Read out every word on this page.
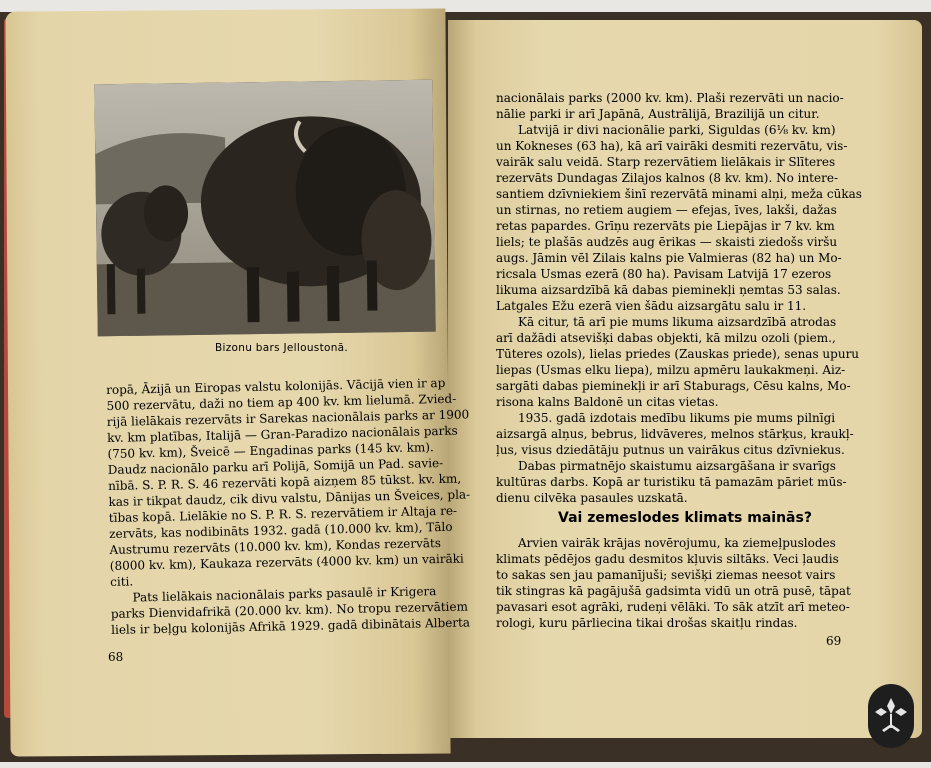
Bizonu bars Jelloustonā.
ropā, Āzijā un Eiropas valstu kolonijās. Vācijā vien ir ap
500 rezervātu, daži no tiem ap 400 kv. km lielumā. Zvied-
rijā lielākais rezervāts ir Sarekas nacionālais parks ar 1900
kv. km platības, Italijā — Gran-Paradizo nacionālais parks
(750 kv. km), Šveicē — Engadinas parks (145 kv. km).
Daudz nacionālo parku arī Polijā, Somijā un Pad. savie-
nībā. S. P. R. S. 46 rezervāti kopā aizņem 85 tūkst. kv. km,
kas ir tikpat daudz, cik divu valstu, Dānijas un Šveices, pla-
tības kopā. Lielākie no S. P. R. S. rezervātiem ir Altaja re-
zervāts, kas nodibināts 1932. gadā (10.000 kv. km), Tālo
Austrumu rezervāts (10.000 kv. km), Kondas rezervāts
(8000 kv. km), Kaukaza rezervāts (4000 kv. km) un vairāki
citi.
Pats lielākais nacionālais parks pasaulē ir Krigera
parks Dienvidafrikā (20.000 kv. km). No tropu rezervātiem
liels ir beļgu kolonijās Afrikā 1929. gadā dibinātais Alberta
68
nacionālais parks (2000 kv. km). Plaši rezervāti un nacio-
nālie parki ir arī Japānā, Austrālijā, Brazilijā un citur.
Latvijā ir divi nacionālie parki, Siguldas (6⅛ kv. km)
un Kokneses (63 ha), kā arī vairāki desmiti rezervātu, vis-
vairāk salu veidā. Starp rezervātiem lielākais ir Slīteres
rezervāts Dundagas Zilajos kalnos (8 kv. km). No intere-
santiem dzīvniekiem šinī rezervātā minami alņi, meža cūkas
un stirnas, no retiem augiem — efejas, īves, lakši, dažas
retas papardes. Grīņu rezervāts pie Liepājas ir 7 kv. km
liels; te plašās audzēs aug ērikas — skaisti ziedošs viršu
augs. Jāmin vēl Zilais kalns pie Valmieras (82 ha) un Mo-
ricsala Usmas ezerā (80 ha). Pavisam Latvijā 17 ezeros
likuma aizsardzībā kā dabas pieminekļi ņemtas 53 salas.
Latgales Ežu ezerā vien šādu aizsargātu salu ir 11.
Kā citur, tā arī pie mums likuma aizsardzībā atrodas
arī dažādi atsevišķi dabas objekti, kā milzu ozoli (piem.,
Tūteres ozols), lielas priedes (Zauskas priede), senas upuru
liepas (Usmas elku liepa), milzu apmēru laukakmeņi. Aiz-
sargāti dabas pieminekļi ir arī Staburags, Cēsu kalns, Mo-
risona kalns Baldonē un citas vietas.
1935. gadā izdotais medību likums pie mums pilnīgi
aizsargā alņus, bebrus, lidvāveres, melnos stārķus, kraukļ-
ļus, visus dziedātāju putnus un vairākus citus dzīvniekus.
Dabas pirmatnējo skaistumu aizsargāšana ir svarīgs
kultūras darbs. Kopā ar turistiku tā pamazām pāriet mūs-
dienu cilvēka pasaules uzskatā.
Vai zemeslodes klimats mainās?
Arvien vairāk krājas novērojumu, ka ziemeļpuslodes
klimats pēdējos gadu desmitos kļuvis siltāks. Veci ļaudis
to sakas sen jau pamanījuši; sevišķi ziemas neesot vairs
tik stingras kā pagājušā gadsimta vidū un otrā pusē, tāpat
pavasari esot agrāki, rudeņi vēlāki. To sāk atzīt arī meteo-
rologi, kuru pārliecina tikai drošas skaitļu rindas.
69
